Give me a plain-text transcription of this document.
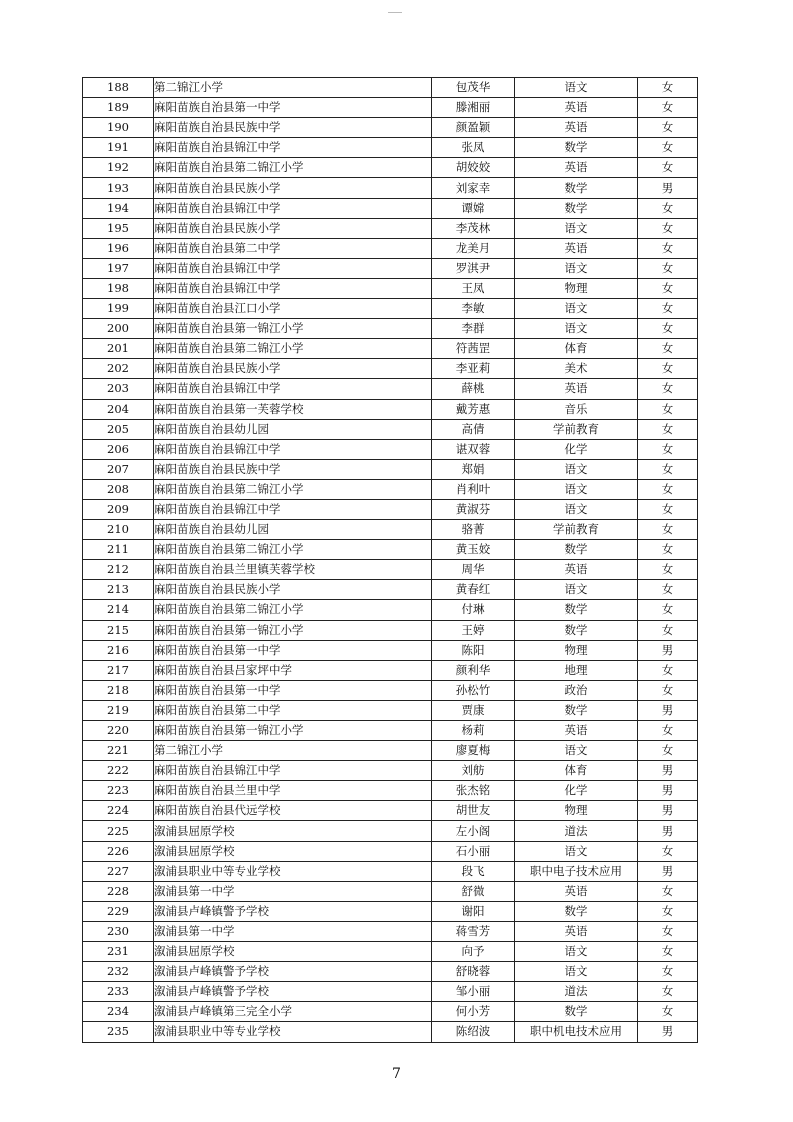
188	第二锦江小学	包茂华	语文	女
189	麻阳苗族自治县第一中学	滕湘丽	英语	女
190	麻阳苗族自治县民族中学	颜盈颖	英语	女
191	麻阳苗族自治县锦江中学	张凤	数学	女
192	麻阳苗族自治县第二锦江小学	胡姣姣	英语	女
193	麻阳苗族自治县民族小学	刘家幸	数学	男
194	麻阳苗族自治县锦江中学	谭嫦	数学	女
195	麻阳苗族自治县民族小学	李茂林	语文	女
196	麻阳苗族自治县第二中学	龙美月	英语	女
197	麻阳苗族自治县锦江中学	罗淇尹	语文	女
198	麻阳苗族自治县锦江中学	王凤	物理	女
199	麻阳苗族自治县江口小学	李敏	语文	女
200	麻阳苗族自治县第一锦江小学	李群	语文	女
201	麻阳苗族自治县第二锦江小学	符茜罡	体育	女
202	麻阳苗族自治县民族小学	李亚莉	美术	女
203	麻阳苗族自治县锦江中学	薛桃	英语	女
204	麻阳苗族自治县第一芙蓉学校	戴芳惠	音乐	女
205	麻阳苗族自治县幼儿园	高倩	学前教育	女
206	麻阳苗族自治县锦江中学	谌双蓉	化学	女
207	麻阳苗族自治县民族中学	郑娟	语文	女
208	麻阳苗族自治县第二锦江小学	肖利叶	语文	女
209	麻阳苗族自治县锦江中学	黄淑芬	语文	女
210	麻阳苗族自治县幼儿园	骆菁	学前教育	女
211	麻阳苗族自治县第二锦江小学	黄玉姣	数学	女
212	麻阳苗族自治县兰里镇芙蓉学校	周华	英语	女
213	麻阳苗族自治县民族小学	黄春红	语文	女
214	麻阳苗族自治县第二锦江小学	付琳	数学	女
215	麻阳苗族自治县第一锦江小学	王婷	数学	女
216	麻阳苗族自治县第一中学	陈阳	物理	男
217	麻阳苗族自治县吕家坪中学	颜利华	地理	女
218	麻阳苗族自治县第一中学	孙松竹	政治	女
219	麻阳苗族自治县第二中学	贾康	数学	男
220	麻阳苗族自治县第一锦江小学	杨莉	英语	女
221	第二锦江小学	廖夏梅	语文	女
222	麻阳苗族自治县锦江中学	刘舫	体育	男
223	麻阳苗族自治县兰里中学	张杰铭	化学	男
224	麻阳苗族自治县代远学校	胡世友	物理	男
225	溆浦县屈原学校	左小阁	道法	男
226	溆浦县屈原学校	石小丽	语文	女
227	溆浦县职业中等专业学校	段飞	职中电子技术应用	男
228	溆浦县第一中学	舒微	英语	女
229	溆浦县卢峰镇警予学校	谢阳	数学	女
230	溆浦县第一中学	蒋雪芳	英语	女
231	溆浦县屈原学校	向予	语文	女
232	溆浦县卢峰镇警予学校	舒晓蓉	语文	女
233	溆浦县卢峰镇警予学校	邹小丽	道法	女
234	溆浦县卢峰镇第三完全小学	何小芳	数学	女
235	溆浦县职业中等专业学校	陈绍波	职中机电技术应用	男
7
